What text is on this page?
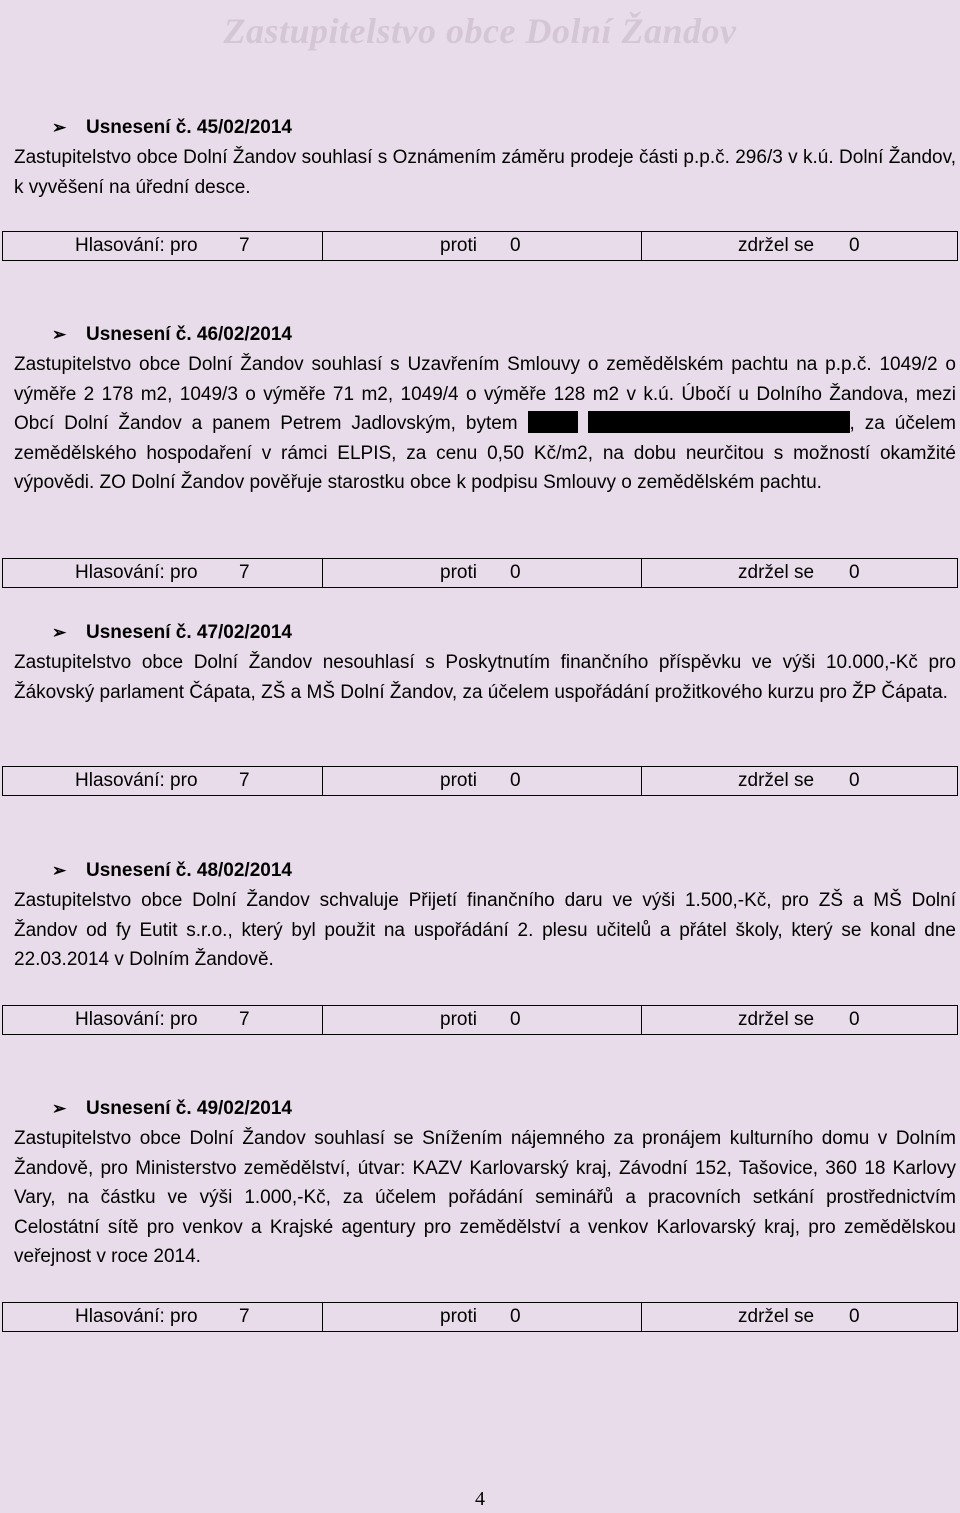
Zastupitelstvo obce Dolní Žandov
➢ Usnesení č. 45/02/2014
Zastupitelstvo obce Dolní Žandov souhlasí s Oznámením záměru prodeje části p.p.č. 296/3 v k.ú. Dolní Žandov, k vyvěšení na úřední desce.
Hlasování: pro 7	proti 0	zdržel se 0
➢ Usnesení č. 46/02/2014
Zastupitelstvo obce Dolní Žandov souhlasí s Uzavřením Smlouvy o zemědělském pachtu na p.p.č. 1049/2 o výměře 2 178 m2, 1049/3 o výměře 71 m2, 1049/4 o výměře 128 m2 v k.ú. Úbočí u Dolního Žandova, mezi Obcí Dolní Žandov a panem Petrem Jadlovským, bytem	, za účelem zemědělského hospodaření v rámci ELPIS, za cenu 0,50 Kč/m2, na dobu neurčitou s možností okamžité výpovědi. ZO Dolní Žandov pověřuje starostku obce k podpisu Smlouvy o zemědělském pachtu.
Hlasování: pro 7	proti 0	zdržel se 0
➢ Usnesení č. 47/02/2014
Zastupitelstvo obce Dolní Žandov nesouhlasí s Poskytnutím finančního příspěvku ve výši 10.000,-Kč pro Žákovský parlament Čápata, ZŠ a MŠ Dolní Žandov, za účelem uspořádání prožitkového kurzu pro ŽP Čápata.
Hlasování: pro 7	proti 0	zdržel se 0
➢ Usnesení č. 48/02/2014
Zastupitelstvo obce Dolní Žandov schvaluje Přijetí finančního daru ve výši 1.500,-Kč, pro ZŠ a MŠ Dolní Žandov od fy Eutit s.r.o., který byl použit na uspořádání 2. plesu učitelů a přátel školy, který se konal dne 22.03.2014 v Dolním Žandově.
Hlasování: pro 7	proti 0	zdržel se 0
➢ Usnesení č. 49/02/2014
Zastupitelstvo obce Dolní Žandov souhlasí se Snížením nájemného za pronájem kulturního domu v Dolním Žandově, pro Ministerstvo zemědělství, útvar: KAZV Karlovarský kraj, Závodní 152, Tašovice, 360 18 Karlovy Vary, na částku ve výši 1.000,-Kč, za účelem pořádání seminářů a pracovních setkání prostřednictvím Celostátní sítě pro venkov a Krajské agentury pro zemědělství a venkov Karlovarský kraj, pro zemědělskou veřejnost v roce 2014.
Hlasování: pro 7	proti 0	zdržel se 0
4
